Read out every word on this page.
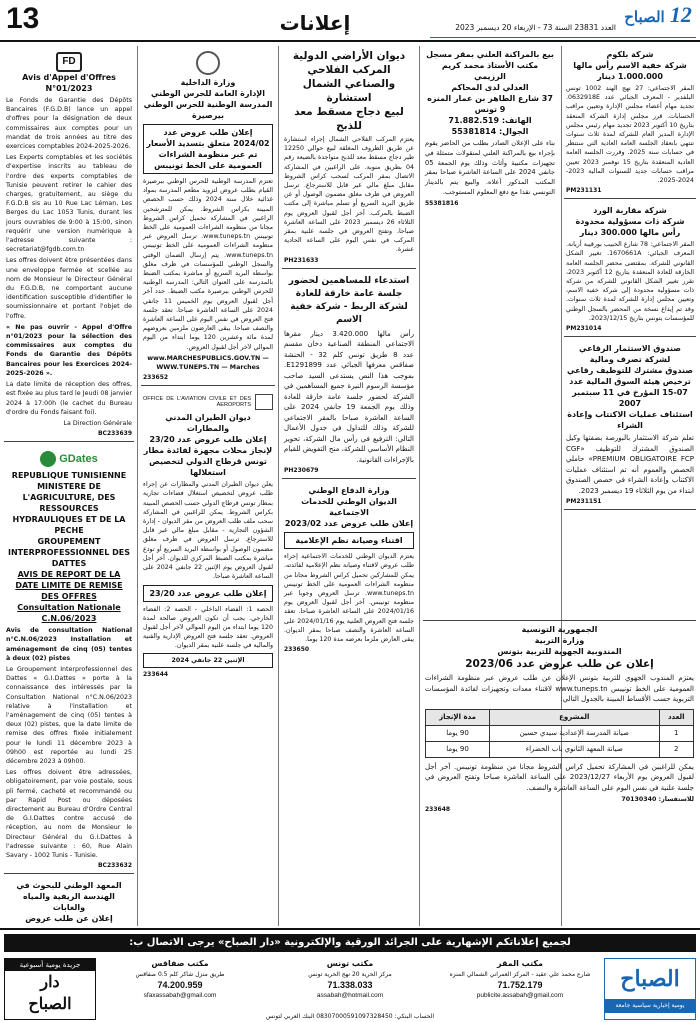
13	إعلانات	العدد 23831 السنة 73 - الإربعاء 20 ديسمبر 2023
12 الصباح
FD
Avis d'Appel d'Offres
N°01/2023

Le Fonds de Garantie des Dépôts Bancaires (F.G.D.B) lance un appel d'offres pour la désignation de deux commissaires aux comptes pour un mandat de trois années au titre des exercices comptables 2024-2025-2026.

Les Experts comptables et les sociétés d'expertise inscrits au tableau de l'ordre des experts comptables de Tunisie peuvent retirer le cahier des charges, gratuitement, au siège du F.G.D.B sis au 10 Rue Lac Léman, Les Berges du Lac 1053 Tunis, durant les jours ouvrables de 9:00 à 15:00, sinon requérir une version numérique à l'adresse suivante : secretariat@fgdb.com.tn

Les offres doivent être présentées dans une enveloppe fermée et scellée au nom de Monsieur le Directeur Général du F.G.D.B, ne comportant aucune identification susceptible d'identifier le soumissionnaire et portant l'objet de l'offre.

« Ne pas ouvrir - Appel d'Offre n°01/2023 pour la sélection des commissaires aux comptes du Fonds de Garantie des Dépôts Bancaires pour les Exercices 2024-2025-2026 ».

La date limite de réception des offres, est fixée au plus tard le Jeudi 08 janvier 2024 à 17:00h (le cachet du Bureau d'ordre du Fonds faisant foi).

La Direction Générale

BC233639
GDates
REPUBLIQUE TUNISIENNE
MINISTERE DE L'AGRICULTURE, DES RESSOURCES HYDRAULIQUES ET DE LA PECHE
GROUPEMENT INTERPROFESSIONNEL DES DATTES
AVIS DE REPORT DE LA DATE LIMITE DE REMISE DES OFFRES
Consultation Nationale C.N.06/2023

Avis de consultation National n°C.N.06/2023 Installation et aménagement de cinq (05) tentes à deux (02) pistes

Le Groupement Interprofessionnel des Dattes « G.I.Dattes » porte à la connaissance des intéressés par la Consultation National n°C.N.06/2023 relative à l'installation et l'aménagement de cinq (05) tentes à deux (02) pistes, que la date limite de remise des offres fixée initialement pour le lundi 11 décembre 2023 à 09h00 est reportée au lundi 25 décembre 2023 à 09h00.

Les offres doivent être adressées, obligatoirement, par voie postale, sous pli fermé, cacheté et recommandé ou par Rapid Post ou déposées directement au Bureau d'Ordre Central de G.I.Dattes contre accusé de réception, au nom de Monsieur le Directeur Général du G.I.Dattes à l'adresse suivante : 60, Rue Alain Savary - 1002 Tunis - Tunisie.

BC233632
المعهد الوطني للبحوث في الهندسة الريفية والمياه والغابات
إعلان عن طلب عروض

وزارة الداخلية
الإدارة العامة للحرس الوطني
المدرسة الوطنية للحرس الوطني بيرصيرة
إعلان طلب عروض عدد 2024/02 متعلق بتسديد الأسعار تم عبر منظومة الشراءات العمومية على الخط تونيبس

تعتزم المدرسة الوطنية للحرس الوطني ببرصيرة القيام بطلب عروض لتزويد مطعم المدرسة بمواد غذائية خلال سنة 2024 وذلك حسب الحصص المبينة بكراس الشروط. يمكن للمترشحين الراغبين في المشاركة تحميل كراس الشروط مجانا من منظومة الشراءات العمومية على الخط تونيبس www.tuneps.tn. ترسل العروض عبر منظومة الشراءات العمومية على الخط تونيبس www.tuneps.tn. يتم إرسال الضمان الوقتي والسجل الوطني للمؤسسات في ظرف مغلق بواسطة البريد السريع أو مباشرة بمكتب الضبط بالمدرسة على العنوان التالي: المدرسة الوطنية للحرس الوطني ببرصيرة مكتب الضبط. حدد آخر أجل لقبول العروض يوم الخميس 11 جانفي 2024 على الساعة العاشرة صباحا. تعقد جلسة فتح العروض في نفس اليوم على الساعة العاشرة والنصف صباحا. يبقى العارضون ملزمين بعروضهم لمدة مائة وعشرين 120 يوما ابتداء من اليوم الموالي لآخر أجل لقبول العروض.

www.MARCHESPUBLICS.GOV.TN — WWW.TUNEPS.TN — Marches

233652
OFFICE DE L'AVIATION CIVILE ET DES AEROPORTS
ديوان الطيران المدني والمطارات
إعلان طلب عروض عدد 23/20
لإنجاز محلات مجهزة لفائدة مطار تونس قرطاج الدولي لتخصيص استغلالها

يعلن ديوان الطيران المدني والمطارات عن إجراء طلب عروض لتخصيص استغلال فضاءات تجارية بمطار تونس قرطاج الدولي حسب الحصص المبينة بكراس الشروط. يمكن للراغبين في المشاركة سحب ملف طلب العروض من مقر الديوان - إدارة الشؤون التجارية - مقابل مبلغ مالي غير قابل للاسترجاع. ترسل العروض في ظرف مغلق مضمون الوصول أو بواسطة البريد السريع أو تودع مباشرة بمكتب الضبط المركزي للديوان. آخر أجل لقبول العروض يوم الإثنين 22 جانفي 2024 على الساعة العاشرة صباحا.

إعلان طلب عروض عدد 23/20

الحصة 1: الفضاء الداخلي - الحصة 2: الفضاء الخارجي. يجب أن تكون العروض صالحة لمدة 120 يوما ابتداء من اليوم الموالي لآخر أجل لقبول العروض. تعقد جلسة فتح العروض الإدارية والفنية والمالية في جلسة علنية بمقر الديوان.

الإثنين 22 جانفي 2024

233644
ديوان الأراضي الدولية
المركب الفلاحي والصناعي الشمال
استشارة
لبيع دجاج مسقط معد للذبح

يعتزم المركب الفلاحي الشمال إجراء استشارة عن طريق الظروف المغلقة لبيع حوالي 12250 طير دجاج مسقط معد للذبح متواجدة بالضيعة رقم 04 بطريق منوبة. على الراغبين في المشاركة الاتصال بمقر المركب لسحب كراس الشروط مقابل مبلغ مالي غير قابل للاسترجاع. ترسل العروض في ظرف مغلق مضمون الوصول أو عن طريق البريد السريع أو تسلم مباشرة إلى مكتب الضبط بالمركب. آخر أجل لقبول العروض يوم الثلاثاء 26 ديسمبر 2023 على الساعة العاشرة صباحا، وتفتح العروض في جلسة علنية بمقر المركب في نفس اليوم على الساعة الحادية عشرة.

PH231633
استدعاء للمساهمين لحضور جلسة عامة خارقة للعادة لشركة الربط - شركة خفية الاسم

رأس مالها 3.420.000 دينار مقرها الاجتماعي المنطقة الصناعية دخان مقسم عدد 8 طريق تونس كلم 32 - الحنشة صفاقس معرفها الجبائي عدد E1291899. بموجب هذا النص يستدعى السيد صاحب مؤسسة الرسوم النيرة جميع المساهمين في الشركة لحضور جلسة عامة خارقة للعادة وذلك يوم الجمعة 19 جانفي 2024 على الساعة العاشرة صباحا بالمقر الاجتماعي للشركة وذلك للتداول في جدول الأعمال التالي: الترفيع في رأس مال الشركة، تحوير النظام الأساسي للشركة، منح التفويض للقيام بالإجراءات القانونية.

PH230679
وزارة الدفاع الوطني
الديوان الوطني للخدمات الاجتماعية
إعلان طلب عروض عدد 2023/02
اقتناء وصيانة نظم الإعلامية

يعتزم الديوان الوطني للخدمات الاجتماعية إجراء طلب عروض لاقتناء وصيانة نظم الإعلامية لفائدته. يمكن للمشاركين تحميل كراس الشروط مجانا من منظومة الشراءات العمومية على الخط تونيبس www.tuneps.tn. ترسل العروض وجوبا عبر منظومة تونيبس. آخر أجل لقبول العروض يوم 2024/01/16 على الساعة العاشرة صباحا. تعقد جلسة فتح العروض العلنية يوم 2024/01/16 على الساعة العاشرة والنصف صباحا بمقر الديوان. يبقى العارض ملزما بعرضه مدة 120 يوما.

233650
شركة بلكوم
شركة خفية الاسم رأس مالها 1.000.000 دينار

المقر الاجتماعي: 27 نهج الهند 1002 تونس البلفدير - المعرف الجبائي عدد 0632918E. تجديد مهام أعضاء مجلس الإدارة وتعيين مراقب الحسابات. قرر مجلس إدارة الشركة المنعقد بتاريخ 10 أكتوبر 2023 تجديد مهام رئيس مجلس الإدارة المدير العام للشركة لمدة ثلاث سنوات تنتهي بانعقاد الجلسة العامة العادية التي ستنظر في حسابات سنة 2025. وقررت الجلسة العامة العادية المنعقدة بتاريخ 15 نوفمبر 2023 تعيين مراقب حسابات جديد للسنوات المالية 2023-2024-2025.

PM231131
شركة مقاربة الورد
شركة ذات مسؤولية محدودة رأس مالها 300.000 دينار

المقر الاجتماعي: 78 شارع الحبيب بورقيبة أريانة. المعرف الجبائي: 1670661A. تغيير الشكل القانوني للشركة. بمقتضى محضر الجلسة العامة الخارقة للعادة المنعقدة بتاريخ 12 أكتوبر 2023، تقرر تغيير الشكل القانوني للشركة من شركة ذات مسؤولية محدودة إلى شركة خفية الاسم، وتعيين مجلس إدارة للشركة لمدة ثلاث سنوات. وقد تم إيداع نسخة من المحضر بالسجل الوطني للمؤسسات بتونس بتاريخ 2023/12/15.

PM231014
صندوق الاستثمار الرقاعي لشركة تصرف ومالية
صندوق مشترك للتوظيف رقاعي
ترخيص هيئة السوق المالية عدد 07-15 المؤرخ في 11 سبتمبر 2007
استئناف عمليات الاكتتاب وإعادة الشراء

تعلم شركة الاستثمار بالبورصة بصفتها وكيل الصندوق المشترك للتوظيف «CGF PREMIUM OBLIGATOIRE FCP» حاملي الحصص والعموم أنه تم استئناف عمليات الاكتتاب وإعادة الشراء في حصص الصندوق ابتداء من يوم الثلاثاء 19 ديسمبر 2023.

PM231151
بيع بالمراكنة العلني بمقر مسجل
مكتب الأستاذ محمد كريم الرزيمي
العدلي لدى المحاكم
37 شارع الطاهر بن عمار المنزه 9 تونس
الهاتف: 71.882.519
الجوال: 55381814

بناء على الإعلان الصادر بطلب من الحاضر يقوم بإجراء بيع بالمراكنة العلني لمنقولات متمثلة في تجهيزات مكتبية وأثاث وذلك يوم الجمعة 05 جانفي 2024 على الساعة العاشرة صباحا بمقر المكتب المذكور أعلاه. والبيع يتم بالدينار التونسي نقدا مع دفع المعلوم المستوجب.

55381816
الجمهورية التونسية
وزارة التربية
المندوبية الجهوية للتربية بتونس
إعلان عن طلب عروض عدد 2023/06

يعتزم المندوب الجهوي للتربية بتونس الإعلان عن طلب عروض عبر منظومة الشراءات العمومية على الخط تونيبس www.tuneps.tn لاقتناء معدات وتجهيزات لفائدة المؤسسات التربوية حسب الأقساط المبينة بالجدول التالي:

العدد	المشروع	مدة الإنجاز
1	صيانة المدرسة الإعدادية سيدي حسين	90 يوما
2	صيانة المعهد الثانوي باب الخضراء	90 يوما

يمكن للراغبين في المشاركة تحميل كراس الشروط مجانا من منظومة تونيبس. آخر أجل لقبول العروض يوم الأربعاء 2023/12/27 على الساعة العاشرة صباحا وتفتح العروض في جلسة علنية في نفس اليوم على الساعة العاشرة والنصف.

للاستفسار: 70130340

233648
لجميع إعلاناتكم الإشهارية على الجرائد الورقية والإلكترونية «دار الصباح» يرجى الاتصال ب:
الصباح
يومية إخبارية سياسية جامعة
مكتب المقر
شارع محمد علي عقيد - المركز العمراني الشمالي المنزه
71.752.179
publicite.assabah@gmail.com
مكتب تونس
مركز الحرية 20 نهج الحرية تونس
71.338.033
assabah@hotmail.com
مكتب صفاقس
طريق منزل شاكر كلم 0.5 صفاقس
74.200.959
sfaxassabah@gmail.com
جريدة يومية أسبوعية
دار
الصباح
الحساب البنكي: 08307000591097328450 البنك العربي لتونس
